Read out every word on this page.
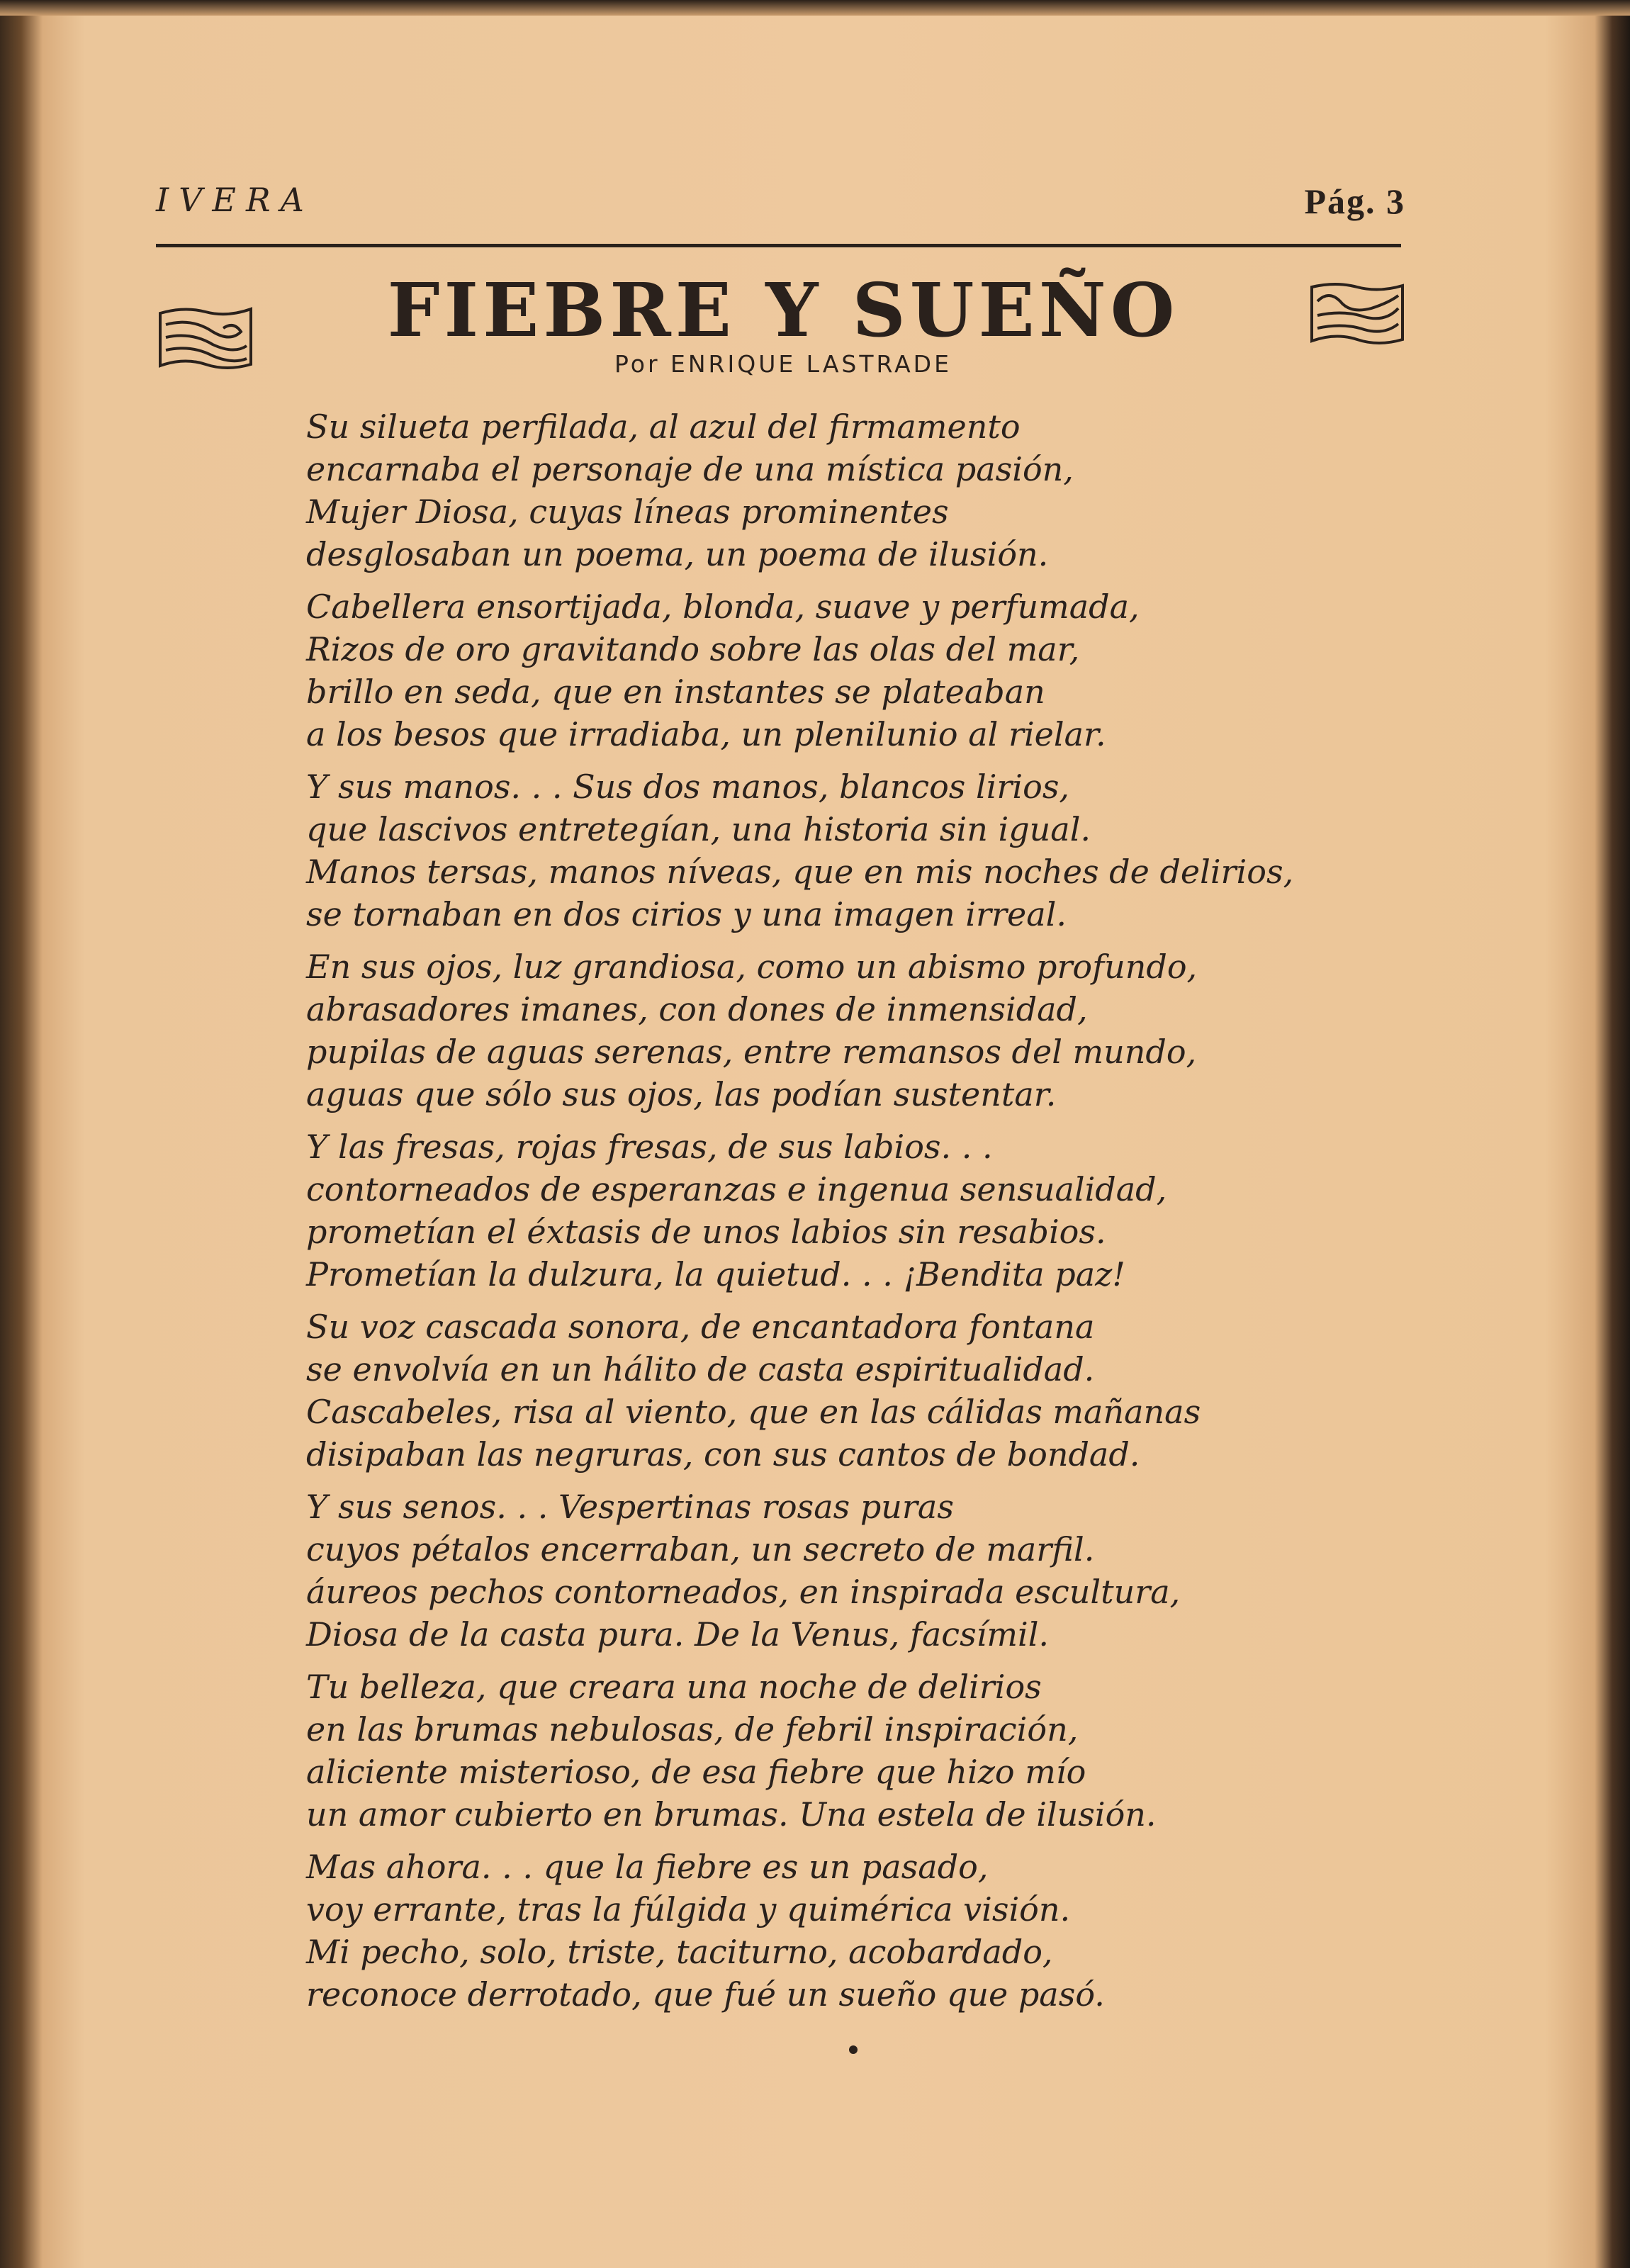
IVERA	Pág. 3
FIEBRE Y SUEÑO
Por ENRIQUE LASTRADE
Su silueta perfilada, al azul del firmamento
encarnaba el personaje de una mística pasión,
Mujer Diosa, cuyas líneas prominentes
desglosaban un poema, un poema de ilusión.
Cabellera ensortijada, blonda, suave y perfumada,
Rizos de oro gravitando sobre las olas del mar,
brillo en seda, que en instantes se plateaban
a los besos que irradiaba, un plenilunio al rielar.
Y sus manos. . . Sus dos manos, blancos lirios,
que lascivos entretegían, una historia sin igual.
Manos tersas, manos níveas, que en mis noches de delirios,
se tornaban en dos cirios y una imagen irreal.
En sus ojos, luz grandiosa, como un abismo profundo,
abrasadores imanes, con dones de inmensidad,
pupilas de aguas serenas, entre remansos del mundo,
aguas que sólo sus ojos, las podían sustentar.
Y las fresas, rojas fresas, de sus labios. . .
contorneados de esperanzas e ingenua sensualidad,
prometían el éxtasis de unos labios sin resabios.
Prometían la dulzura, la quietud. . . ¡Bendita paz!
Su voz cascada sonora, de encantadora fontana
se envolvía en un hálito de casta espiritualidad.
Cascabeles, risa al viento, que en las cálidas mañanas
disipaban las negruras, con sus cantos de bondad.
Y sus senos. . . Vespertinas rosas puras
cuyos pétalos encerraban, un secreto de marfil.
áureos pechos contorneados, en inspirada escultura,
Diosa de la casta pura. De la Venus, facsímil.
Tu belleza, que creara una noche de delirios
en las brumas nebulosas, de febril inspiración,
aliciente misterioso, de esa fiebre que hizo mío
un amor cubierto en brumas. Una estela de ilusión.
Mas ahora. . . que la fiebre es un pasado,
voy errante, tras la fúlgida y quimérica visión.
Mi pecho, solo, triste, taciturno, acobardado,
reconoce derrotado, que fué un sueño que pasó.
